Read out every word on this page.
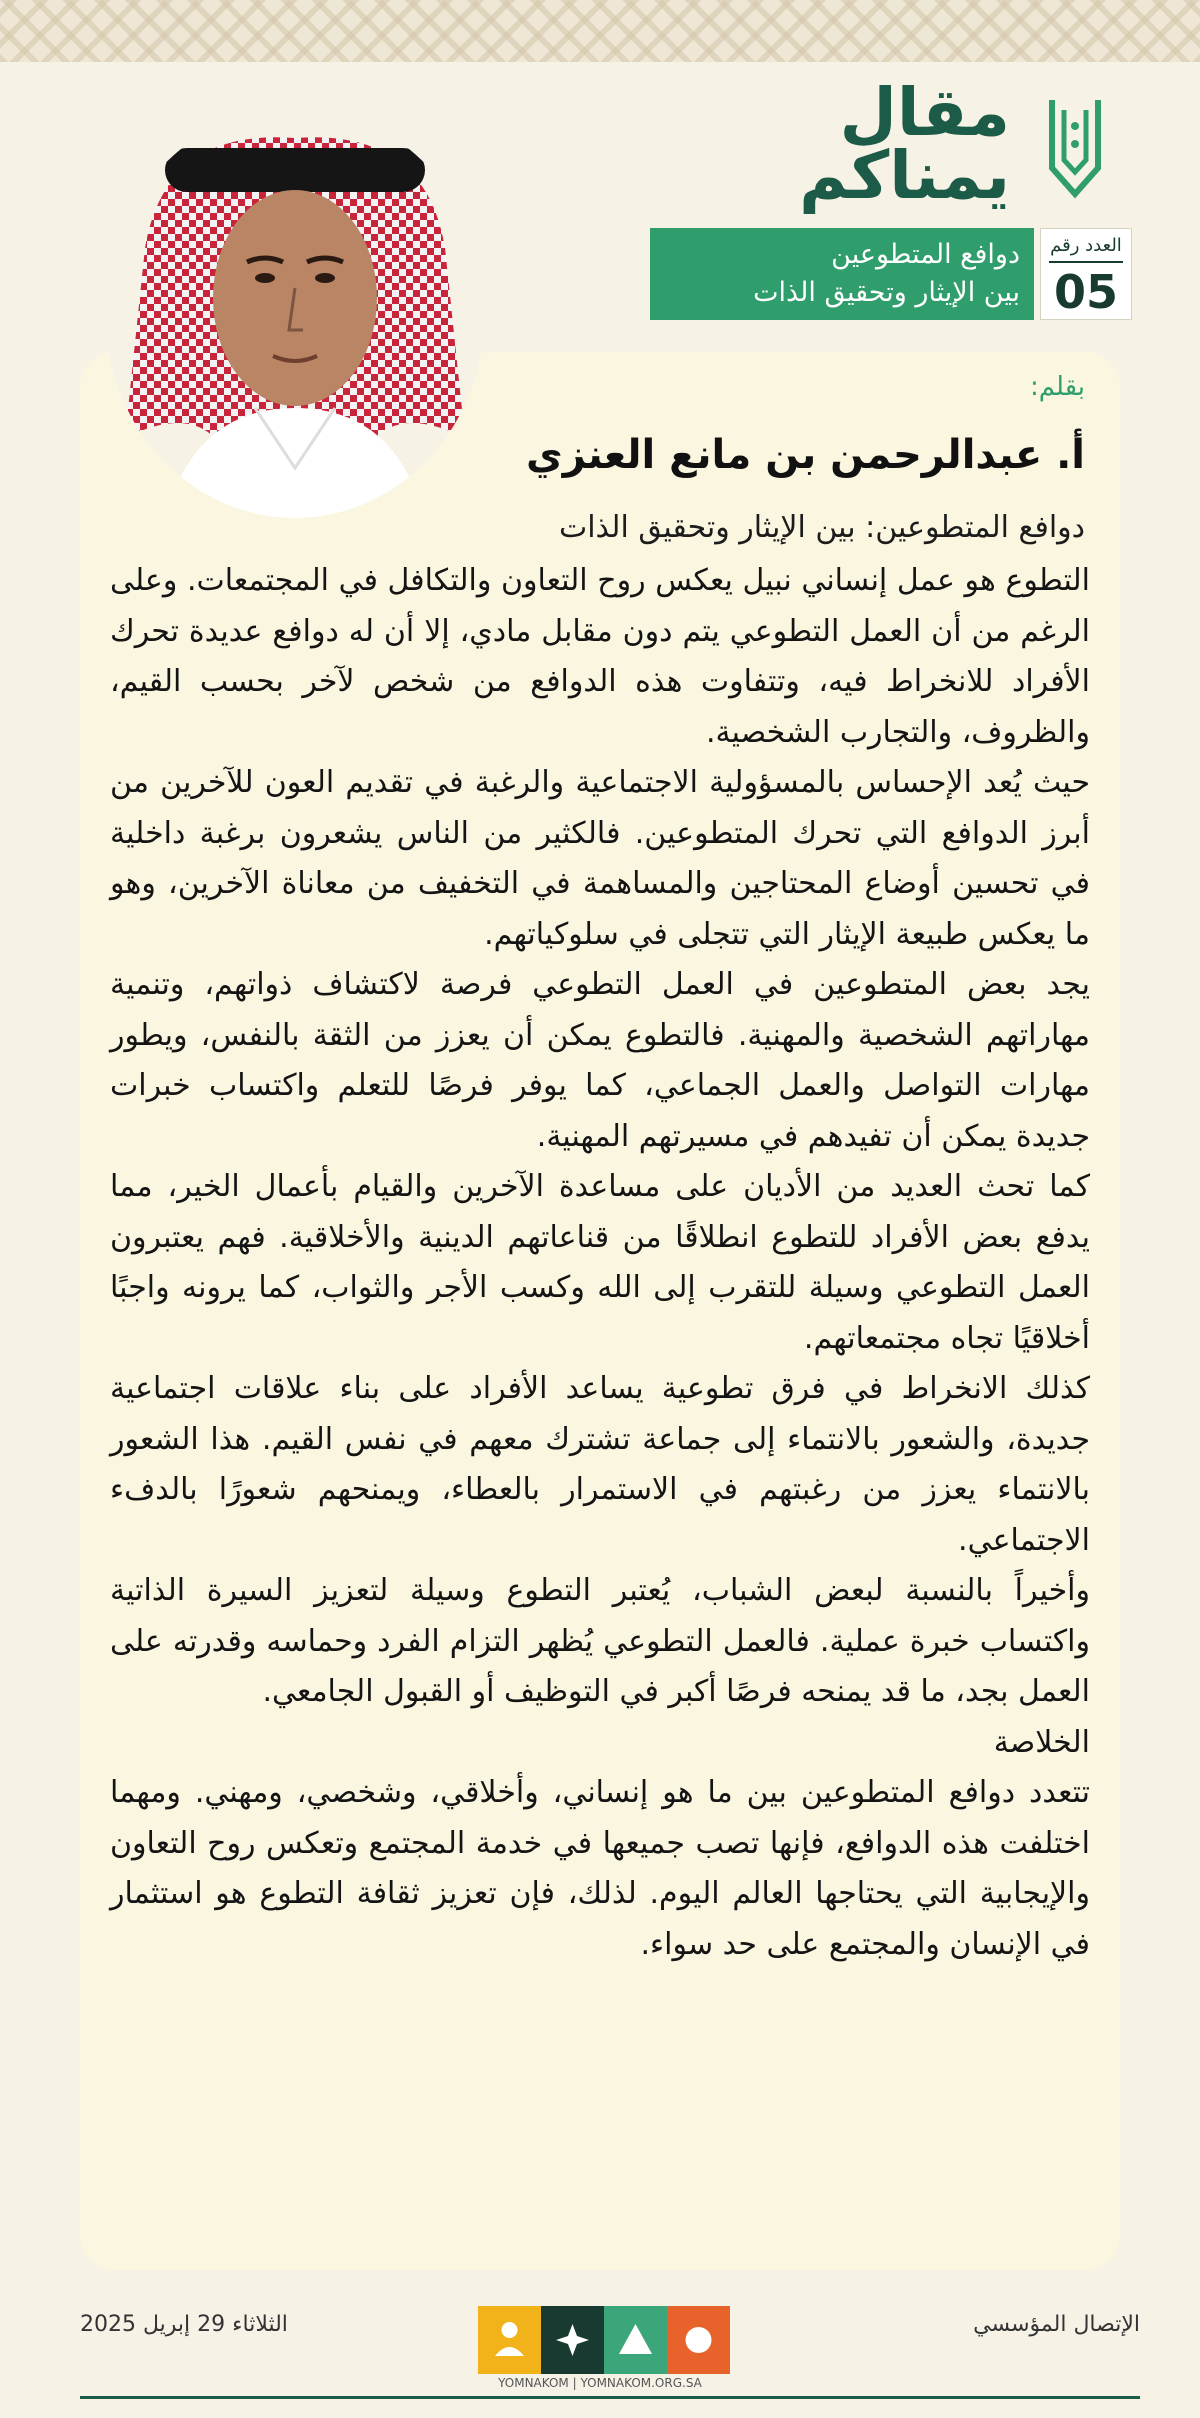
مقال
يمناكم
العدد رقم
05
دوافع المتطوعين
بين الإيثار وتحقيق الذات
بقلم:
أ. عبدالرحمن بن مانع العنزي
دوافع المتطوعين: بين الإيثار وتحقيق الذات

التطوع هو عمل إنساني نبيل يعكس روح التعاون والتكافل في المجتمعات. وعلى الرغم من أن العمل التطوعي يتم دون مقابل مادي، إلا أن له دوافع عديدة تحرك الأفراد للانخراط فيه، وتتفاوت هذه الدوافع من شخص لآخر بحسب القيم، والظروف، والتجارب الشخصية.

حيث يُعد الإحساس بالمسؤولية الاجتماعية والرغبة في تقديم العون للآخرين من أبرز الدوافع التي تحرك المتطوعين. فالكثير من الناس يشعرون برغبة داخلية في تحسين أوضاع المحتاجين والمساهمة في التخفيف من معاناة الآخرين، وهو ما يعكس طبيعة الإيثار التي تتجلى في سلوكياتهم.

يجد بعض المتطوعين في العمل التطوعي فرصة لاكتشاف ذواتهم، وتنمية مهاراتهم الشخصية والمهنية. فالتطوع يمكن أن يعزز من الثقة بالنفس، ويطور مهارات التواصل والعمل الجماعي، كما يوفر فرصًا للتعلم واكتساب خبرات جديدة يمكن أن تفيدهم في مسيرتهم المهنية.

كما تحث العديد من الأديان على مساعدة الآخرين والقيام بأعمال الخير، مما يدفع بعض الأفراد للتطوع انطلاقًا من قناعاتهم الدينية والأخلاقية. فهم يعتبرون العمل التطوعي وسيلة للتقرب إلى الله وكسب الأجر والثواب، كما يرونه واجبًا أخلاقيًا تجاه مجتمعاتهم.

كذلك الانخراط في فرق تطوعية يساعد الأفراد على بناء علاقات اجتماعية جديدة، والشعور بالانتماء إلى جماعة تشترك معهم في نفس القيم. هذا الشعور بالانتماء يعزز من رغبتهم في الاستمرار بالعطاء، ويمنحهم شعورًا بالدفء الاجتماعي.

وأخيراً بالنسبة لبعض الشباب، يُعتبر التطوع وسيلة لتعزيز السيرة الذاتية واكتساب خبرة عملية. فالعمل التطوعي يُظهر التزام الفرد وحماسه وقدرته على العمل بجد، ما قد يمنحه فرصًا أكبر في التوظيف أو القبول الجامعي.

الخلاصة

تتعدد دوافع المتطوعين بين ما هو إنساني، وأخلاقي، وشخصي، ومهني. ومهما اختلفت هذه الدوافع، فإنها تصب جميعها في خدمة المجتمع وتعكس روح التعاون والإيجابية التي يحتاجها العالم اليوم. لذلك، فإن تعزيز ثقافة التطوع هو استثمار في الإنسان والمجتمع على حد سواء.

الثلاثاء 29 إبريل 2025	الإتصال المؤسسي
YOMNAKOM | YOMNAKOM.ORG.SA
